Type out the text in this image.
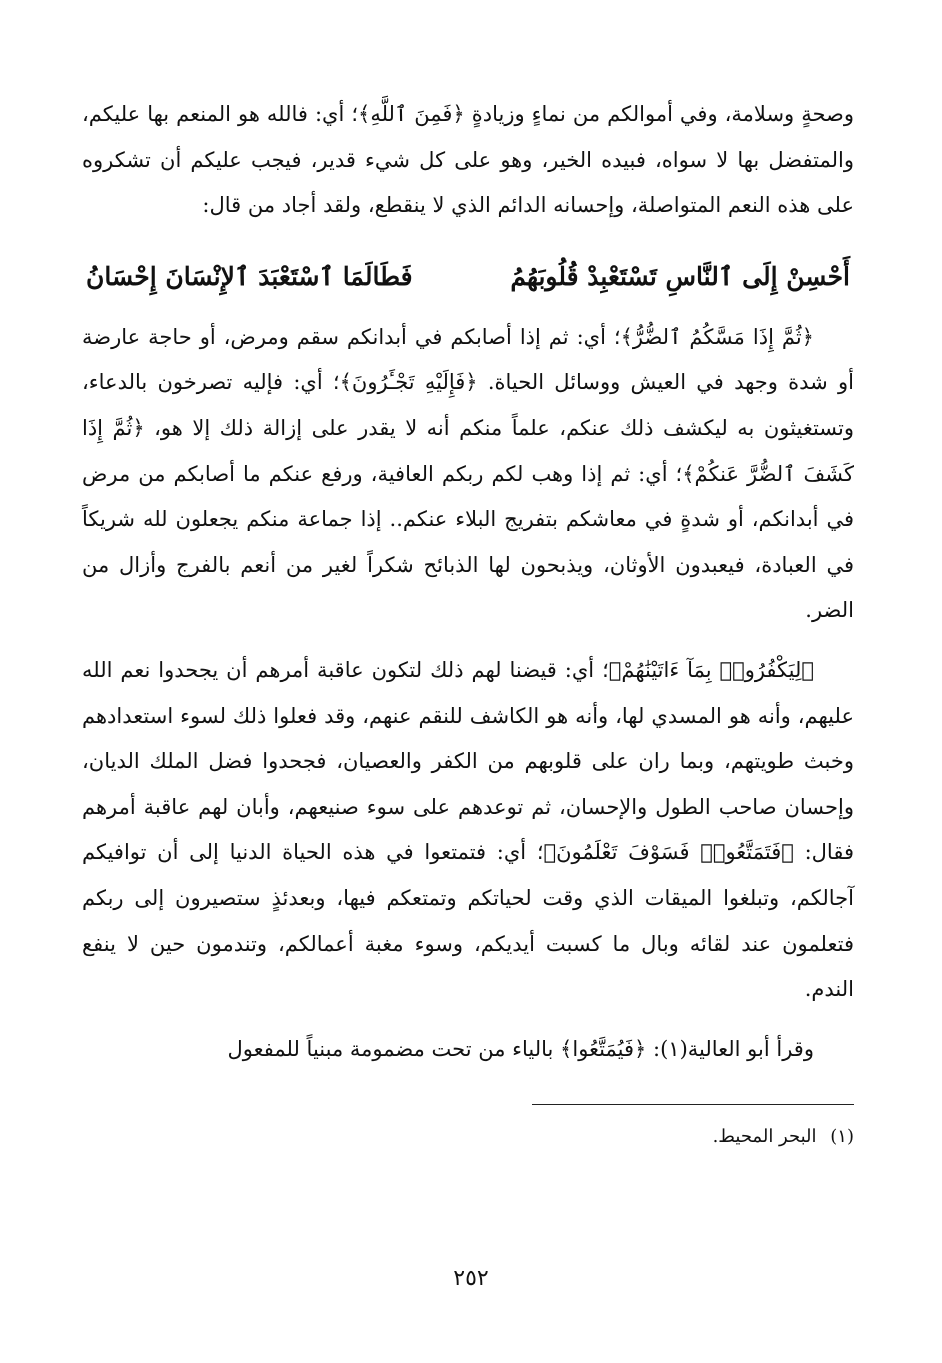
وصحةٍ وسلامة، وفي أموالكم من نماءٍ وزيادةٍ ﴿فَمِنَ ٱللَّهِ﴾؛ أي: فالله هو المنعم بها عليكم، والمتفضل بها لا سواه، فبيده الخير، وهو على كل شيء قدير، فيجب عليكم أن تشكروه على هذه النعم المتواصلة، وإحسانه الدائم الذي لا ينقطع، ولقد أجاد من قال:

أَحْسِنْ إِلَى ٱلنَّاسِ تَسْتَعْبِدْ قُلُوبَهُمُ
فَطَالَمَا ٱسْتَعْبَدَ ٱلإِنْسَانَ إِحْسَانُ

﴿ثُمَّ إِذَا مَسَّكُمُ ٱلضُّرُّ﴾؛ أي: ثم إذا أصابكم في أبدانكم سقم ومرض، أو حاجة عارضة أو شدة وجهد في العيش ووسائل الحياة. ﴿فَإِلَيْهِ تَجْـَٔرُونَ﴾؛ أي: فإليه تصرخون بالدعاء، وتستغيثون به ليكشف ذلك عنكم، علماً منكم أنه لا يقدر على إزالة ذلك إلا هو، ﴿ثُمَّ إِذَا كَشَفَ ٱلضُّرَّ عَنكُمْ﴾؛ أي: ثم إذا وهب لكم ربكم العافية، ورفع عنكم ما أصابكم من مرض في أبدانكم، أو شدةٍ في معاشكم بتفريج البلاء عنكم.. إذا جماعة منكم يجعلون لله شريكاً في العبادة، فيعبدون الأوثان، ويذبحون لها الذبائح شكراً لغير من أنعم بالفرج وأزال من الضر.

﴿لِيَكْفُرُوا۟ بِمَآ ءَاتَيْنَٰهُمْ﴾؛ أي: قيضنا لهم ذلك لتكون عاقبة أمرهم أن يجحدوا نعم الله عليهم، وأنه هو المسدي لها، وأنه هو الكاشف للنقم عنهم، وقد فعلوا ذلك لسوء استعدادهم وخبث طويتهم، وبما ران على قلوبهم من الكفر والعصيان، فجحدوا فضل الملك الديان، وإحسان صاحب الطول والإحسان، ثم توعدهم على سوء صنيعهم، وأبان لهم عاقبة أمرهم فقال: ﴿فَتَمَتَّعُوا۟ فَسَوْفَ تَعْلَمُونَ﴾؛ أي: فتمتعوا في هذه الحياة الدنيا إلى أن توافيكم آجالكم، وتبلغوا الميقات الذي وقت لحياتكم وتمتعكم فيها، وبعدئذٍ ستصيرون إلى ربكم فتعلمون عند لقائه وبال ما كسبت أيديكم، وسوء مغبة أعمالكم، وتندمون حين لا ينفع الندم.

وقرأ أبو العالية(١): ﴿فَيُمَتَّعُوا﴾ بالياء من تحت مضمومة مبنياً للمفعول

(١) البحر المحيط.
٢٥٢
